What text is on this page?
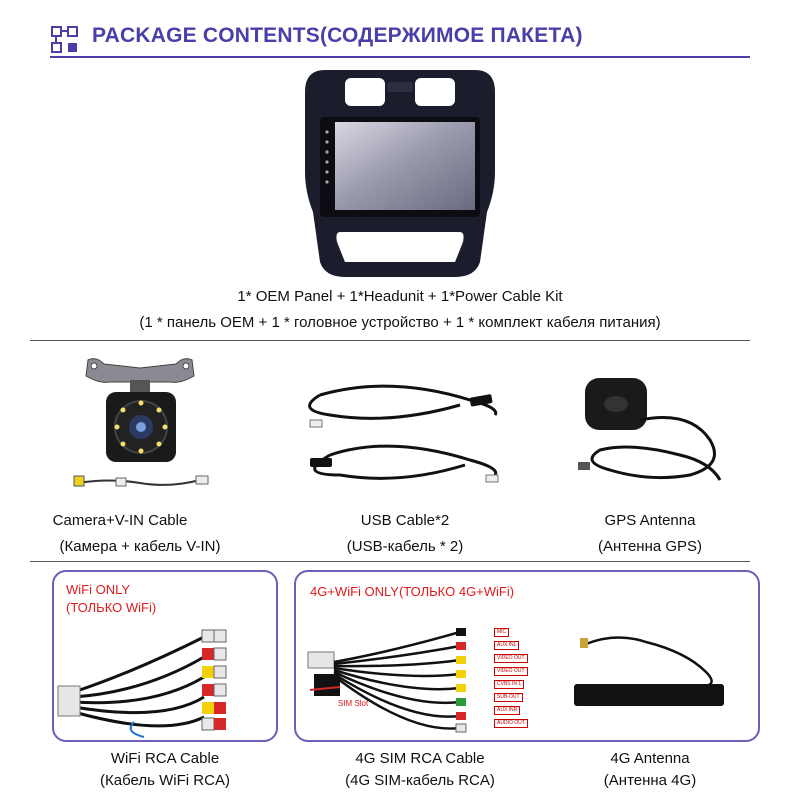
PACKAGE CONTENTS(СОДЕРЖИМОЕ ПАКЕТА)
1* OEM Panel + 1*Headunit + 1*Power Cable Kit
(1 * панель OEM + 1 * головное устройство + 1 * комплект кабеля питания)
Camera+V-IN Cable
(Камера + кабель V-IN)
USB Cable*2
(USB-кабель * 2)
GPS Antenna
(Антенна GPS)
WiFi ONLY
(ТОЛЬКО WiFi)
4G+WiFi ONLY(ТОЛЬКО 4G+WiFi)
SIM Slot
MIC
AUX INL
VIDEO OUT
VIDEO OUT
CVBS IN 1
SUB-OUT
AUX INR
AUDIO OUT
WiFi RCA Cable
(Кабель WiFi RCA)
4G SIM RCA Cable
(4G SIM-кабель RCA)
4G Antenna
(Антенна 4G)
